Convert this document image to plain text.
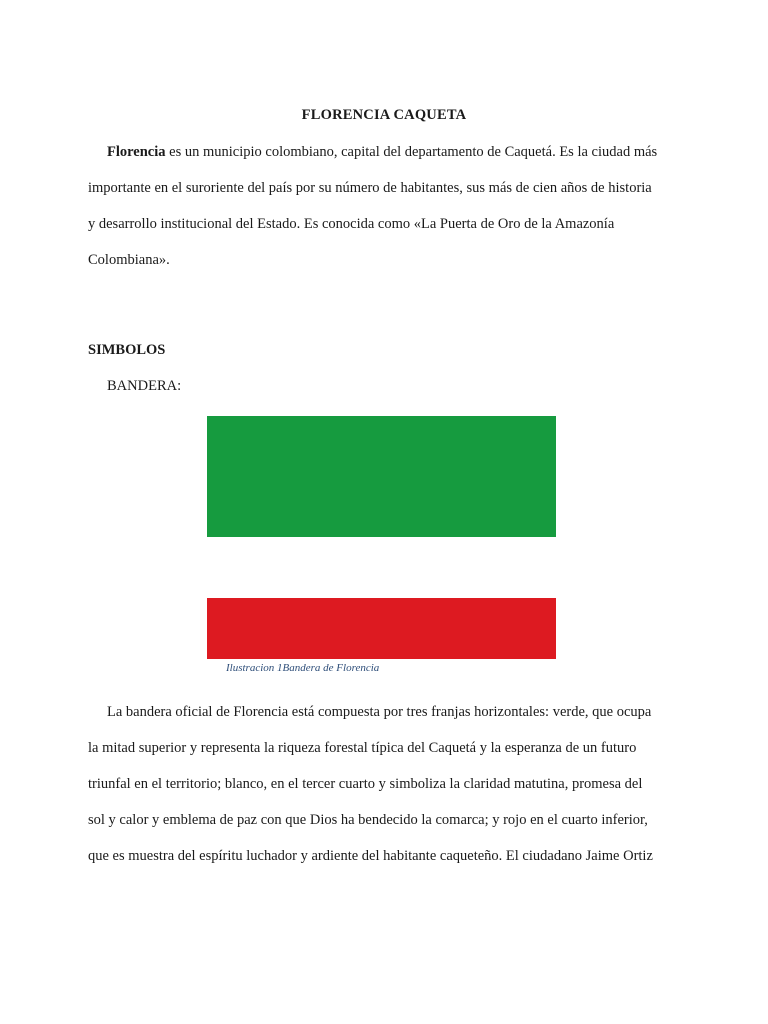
FLORENCIA CAQUETA

Florencia es un municipio colombiano, capital del departamento de Caquetá. Es la ciudad más
importante en el suroriente del país por su número de habitantes, sus más de cien años de historia
y desarrollo institucional del Estado. Es conocida como «La Puerta de Oro de la Amazonía
Colombiana».

SIMBOLOS
BANDERA:
Ilustracion 1Bandera de Florencia

La bandera oficial de Florencia está compuesta por tres franjas horizontales: verde, que ocupa
la mitad superior y representa la riqueza forestal típica del Caquetá y la esperanza de un futuro
triunfal en el territorio; blanco, en el tercer cuarto y simboliza la claridad matutina, promesa del
sol y calor y emblema de paz con que Dios ha bendecido la comarca; y rojo en el cuarto inferior,
que es muestra del espíritu luchador y ardiente del habitante caqueteño. El ciudadano Jaime Ortiz
